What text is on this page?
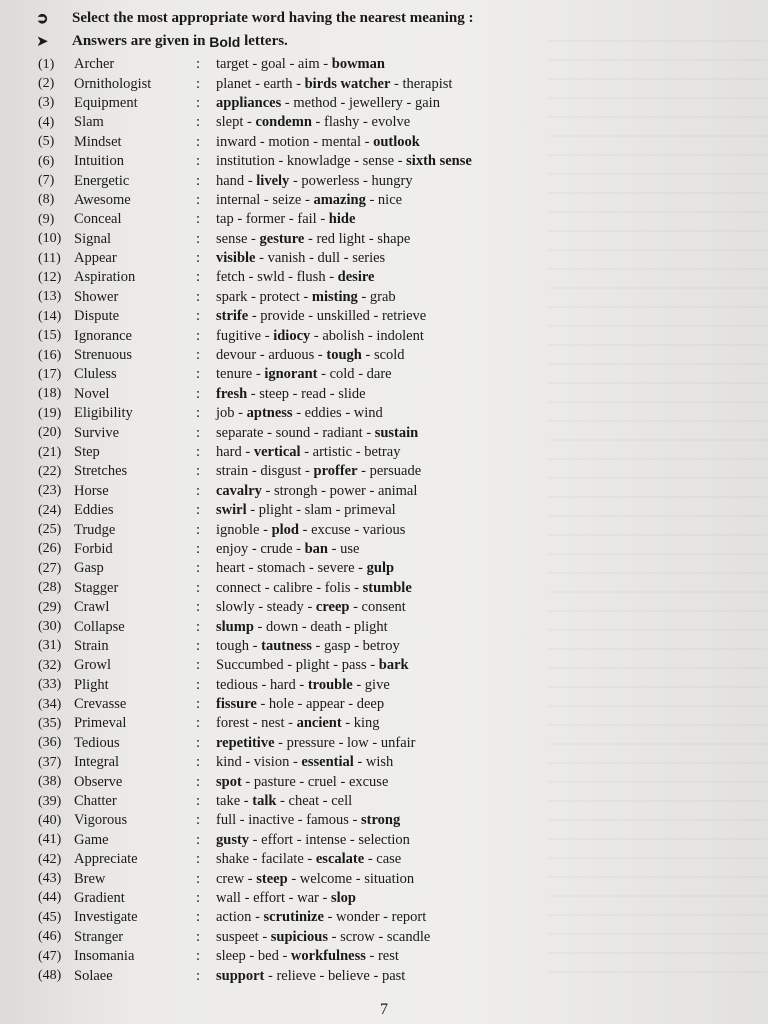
➲	Select the most appropriate word having the nearest meaning :
➤	Answers are given in
Bold
letters.
(1)	Archer	:	target - goal - aim - bowman
(2)	Ornithologist	:	planet - earth - birds watcher - therapist
(3)	Equipment	:	appliances - method - jewellery - gain
(4)	Slam	:	slept - condemn - flashy - evolve
(5)	Mindset	:	inward - motion - mental - outlook
(6)	Intuition	:	institution - knowladge - sense - sixth sense
(7)	Energetic	:	hand - lively - powerless - hungry
(8)	Awesome	:	internal - seize - amazing - nice
(9)	Conceal	:	tap - former - fail - hide
(10) Signal	:	sense - gesture - red light - shape
(11) Appear	:	visible - vanish - dull - series
(12) Aspiration	:	fetch - swld - flush - desire
(13) Shower	:	spark - protect - misting - grab
(14) Dispute	:	strife - provide - unskilled - retrieve
(15) Ignorance	:	fugitive - idiocy - abolish - indolent
(16) Strenuous	:	devour - arduous - tough - scold
(17) Cluless	:	tenure - ignorant - cold - dare
(18) Novel	:	fresh - steep - read - slide
(19) Eligibility	:	job - aptness - eddies - wind
(20) Survive	:	separate - sound - radiant - sustain
(21) Step	:	hard - vertical - artistic - betray
(22) Stretches	:	strain - disgust - proffer - persuade
(23) Horse	:	cavalry - strongh - power - animal
(24) Eddies	:	swirl - plight - slam - primeval
(25) Trudge	:	ignoble - plod - excuse - various
(26) Forbid	:	enjoy - crude - ban - use
(27) Gasp	:	heart - stomach - severe - gulp
(28) Stagger	:	connect - calibre - folis - stumble
(29) Crawl	:	slowly - steady - creep - consent
(30) Collapse	:	slump - down - death - plight
(31) Strain	:	tough - tautness - gasp - betroy
(32) Growl	:	Succumbed - plight - pass - bark
(33) Plight	:	tedious - hard - trouble - give
(34) Crevasse	:	fissure - hole - appear - deep
(35) Primeval	:	forest - nest - ancient - king
(36) Tedious	:	repetitive - pressure - low - unfair
(37) Integral	:	kind - vision - essential - wish
(38) Observe	:	spot - pasture - cruel - excuse
(39) Chatter	:	take - talk - cheat - cell
(40) Vigorous	:	full - inactive - famous - strong
(41) Game	:	gusty - effort - intense - selection
(42) Appreciate	:	shake - facilate - escalate - case
(43) Brew	:	crew - steep - welcome - situation
(44) Gradient	:	wall - effort - war - slop
(45) Investigate	:	action - scrutinize - wonder - report
(46) Stranger	:	suspeet - supicious - scrow - scandle
(47) Insomania	:	sleep - bed - workfulness - rest
(48) Solaee	:	support - relieve - believe - past
7
